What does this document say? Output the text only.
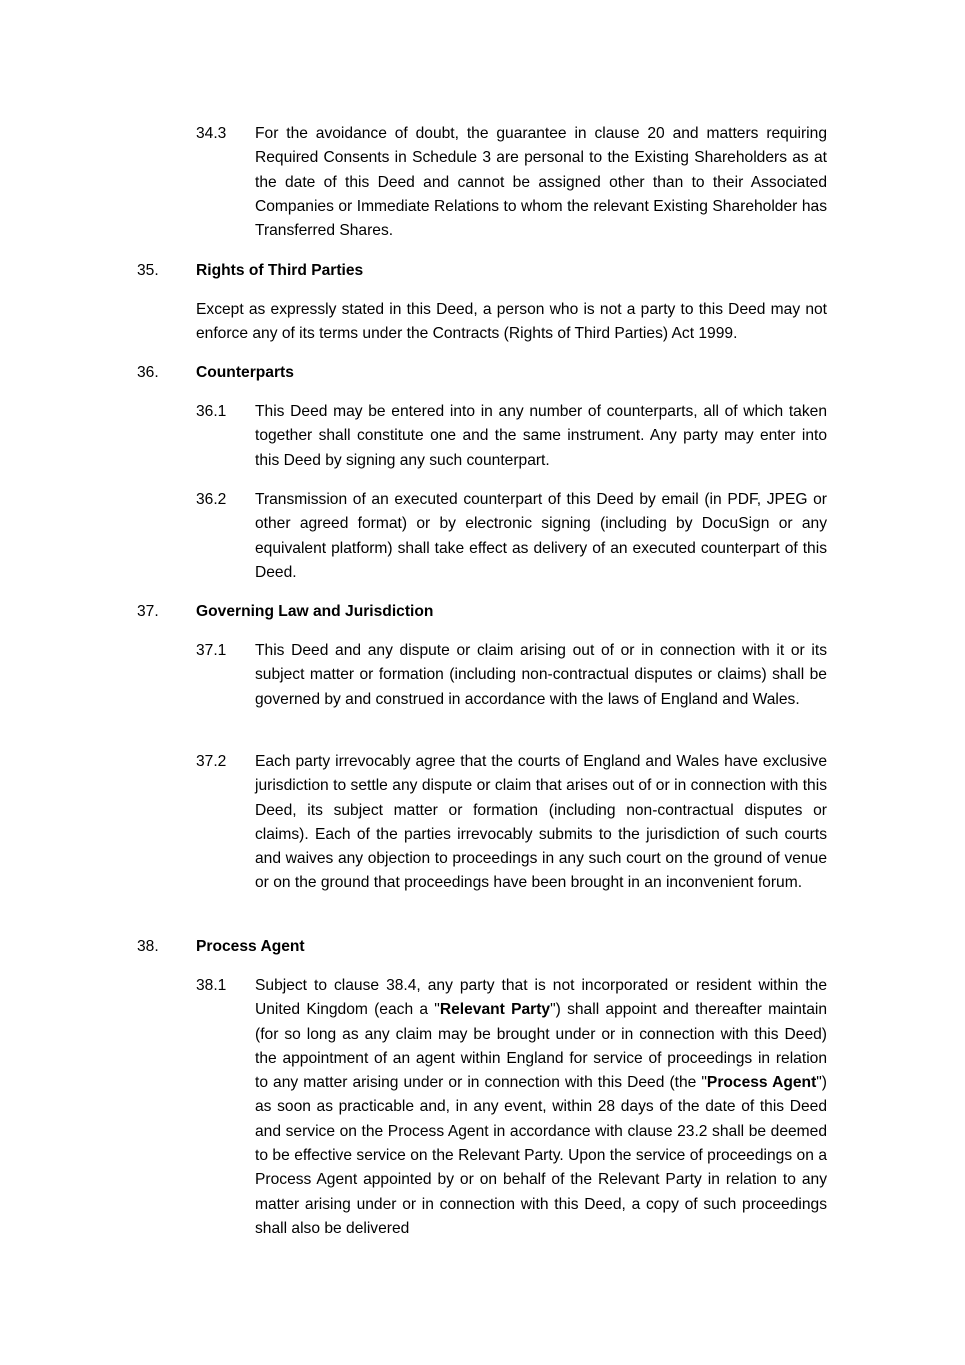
34.3 For the avoidance of doubt, the guarantee in clause 20 and matters requiring Required Consents in Schedule 3 are personal to the Existing Shareholders as at the date of this Deed and cannot be assigned other than to their Associated Companies or Immediate Relations to whom the relevant Existing Shareholder has Transferred Shares.
35. Rights of Third Parties
Except as expressly stated in this Deed, a person who is not a party to this Deed may not enforce any of its terms under the Contracts (Rights of Third Parties) Act 1999.
36. Counterparts
36.1 This Deed may be entered into in any number of counterparts, all of which taken together shall constitute one and the same instrument. Any party may enter into this Deed by signing any such counterpart.
36.2 Transmission of an executed counterpart of this Deed by email (in PDF, JPEG or other agreed format) or by electronic signing (including by DocuSign or any equivalent platform) shall take effect as delivery of an executed counterpart of this Deed.
37. Governing Law and Jurisdiction
37.1 This Deed and any dispute or claim arising out of or in connection with it or its subject matter or formation (including non-contractual disputes or claims) shall be governed by and construed in accordance with the laws of England and Wales.
37.2 Each party irrevocably agree that the courts of England and Wales have exclusive jurisdiction to settle any dispute or claim that arises out of or in connection with this Deed, its subject matter or formation (including non-contractual disputes or claims). Each of the parties irrevocably submits to the jurisdiction of such courts and waives any objection to proceedings in any such court on the ground of venue or on the ground that proceedings have been brought in an inconvenient forum.
38. Process Agent
38.1 Subject to clause 38.4, any party that is not incorporated or resident within the United Kingdom (each a "Relevant Party") shall appoint and thereafter maintain (for so long as any claim may be brought under or in connection with this Deed) the appointment of an agent within England for service of proceedings in relation to any matter arising under or in connection with this Deed (the "Process Agent") as soon as practicable and, in any event, within 28 days of the date of this Deed and service on the Process Agent in accordance with clause 23.2 shall be deemed to be effective service on the Relevant Party. Upon the service of proceedings on a Process Agent appointed by or on behalf of the Relevant Party in relation to any matter arising under or in connection with this Deed, a copy of such proceedings shall also be delivered
